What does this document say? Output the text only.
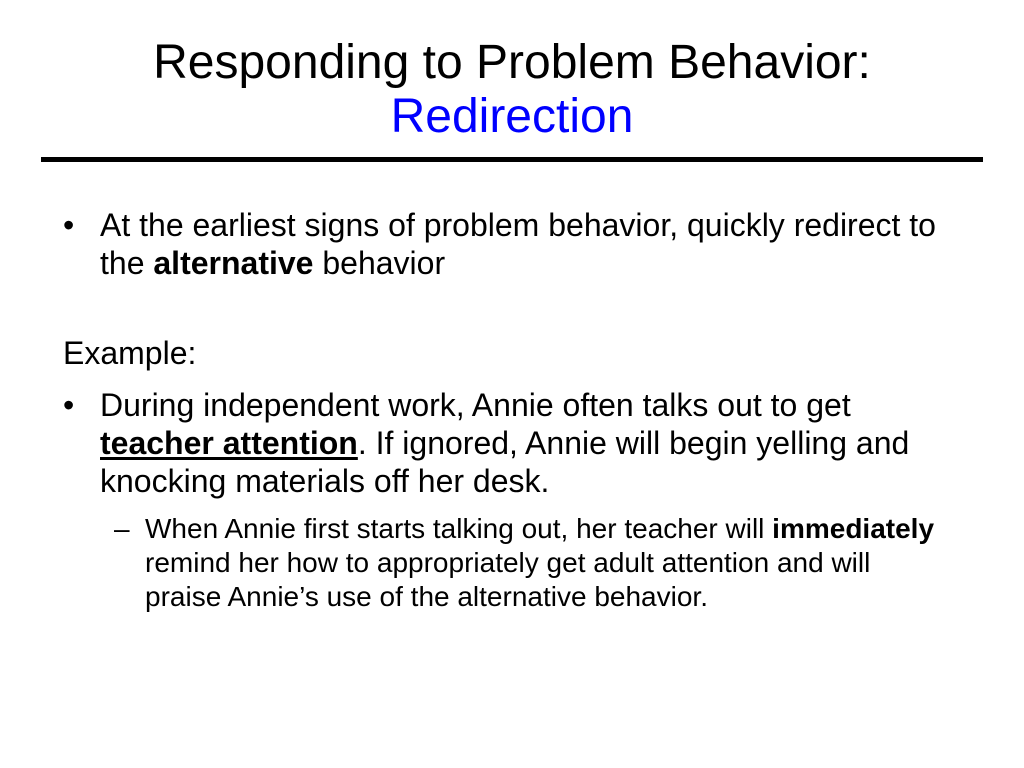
Responding to Problem Behavior:
Redirection
• At the earliest signs of problem behavior, quickly redirect to the alternative behavior
Example:
• During independent work, Annie often talks out to get teacher attention. If ignored, Annie will begin yelling and knocking materials off her desk.
– When Annie first starts talking out, her teacher will immediately remind her how to appropriately get adult attention and will praise Annie’s use of the alternative behavior.
